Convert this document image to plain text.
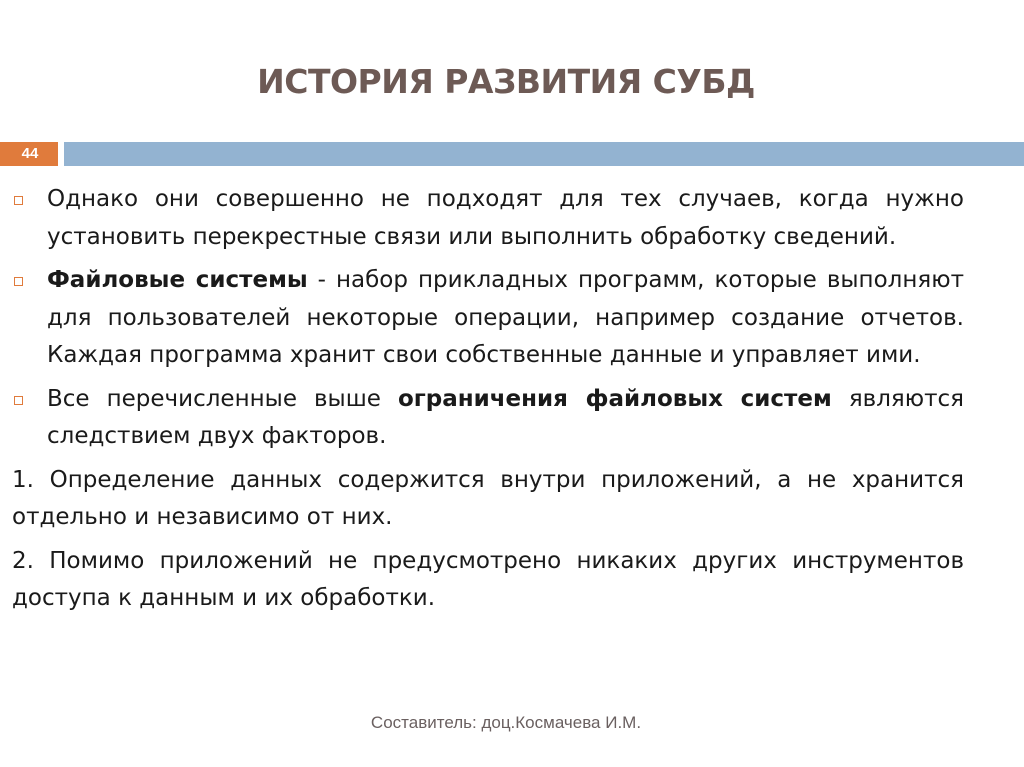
ИСТОРИЯ РАЗВИТИЯ СУБД
44
Однако они совершенно не подходят для тех случаев, когда нужно установить перекрестные связи или выполнить обработку сведений.
Файловые системы - набор прикладных программ, которые выполняют для пользователей некоторые операции, например создание отчетов. Каждая программа хранит свои собственные данные и управляет ими.
Все перечисленные выше ограничения файловых систем являются следствием двух факторов.
1. Определение данных содержится внутри приложений, а не хранится отдельно и независимо от них.
2. Помимо приложений не предусмотрено никаких других инструментов доступа к данным и их обработки.
Составитель: доц.Космачева И.М.
